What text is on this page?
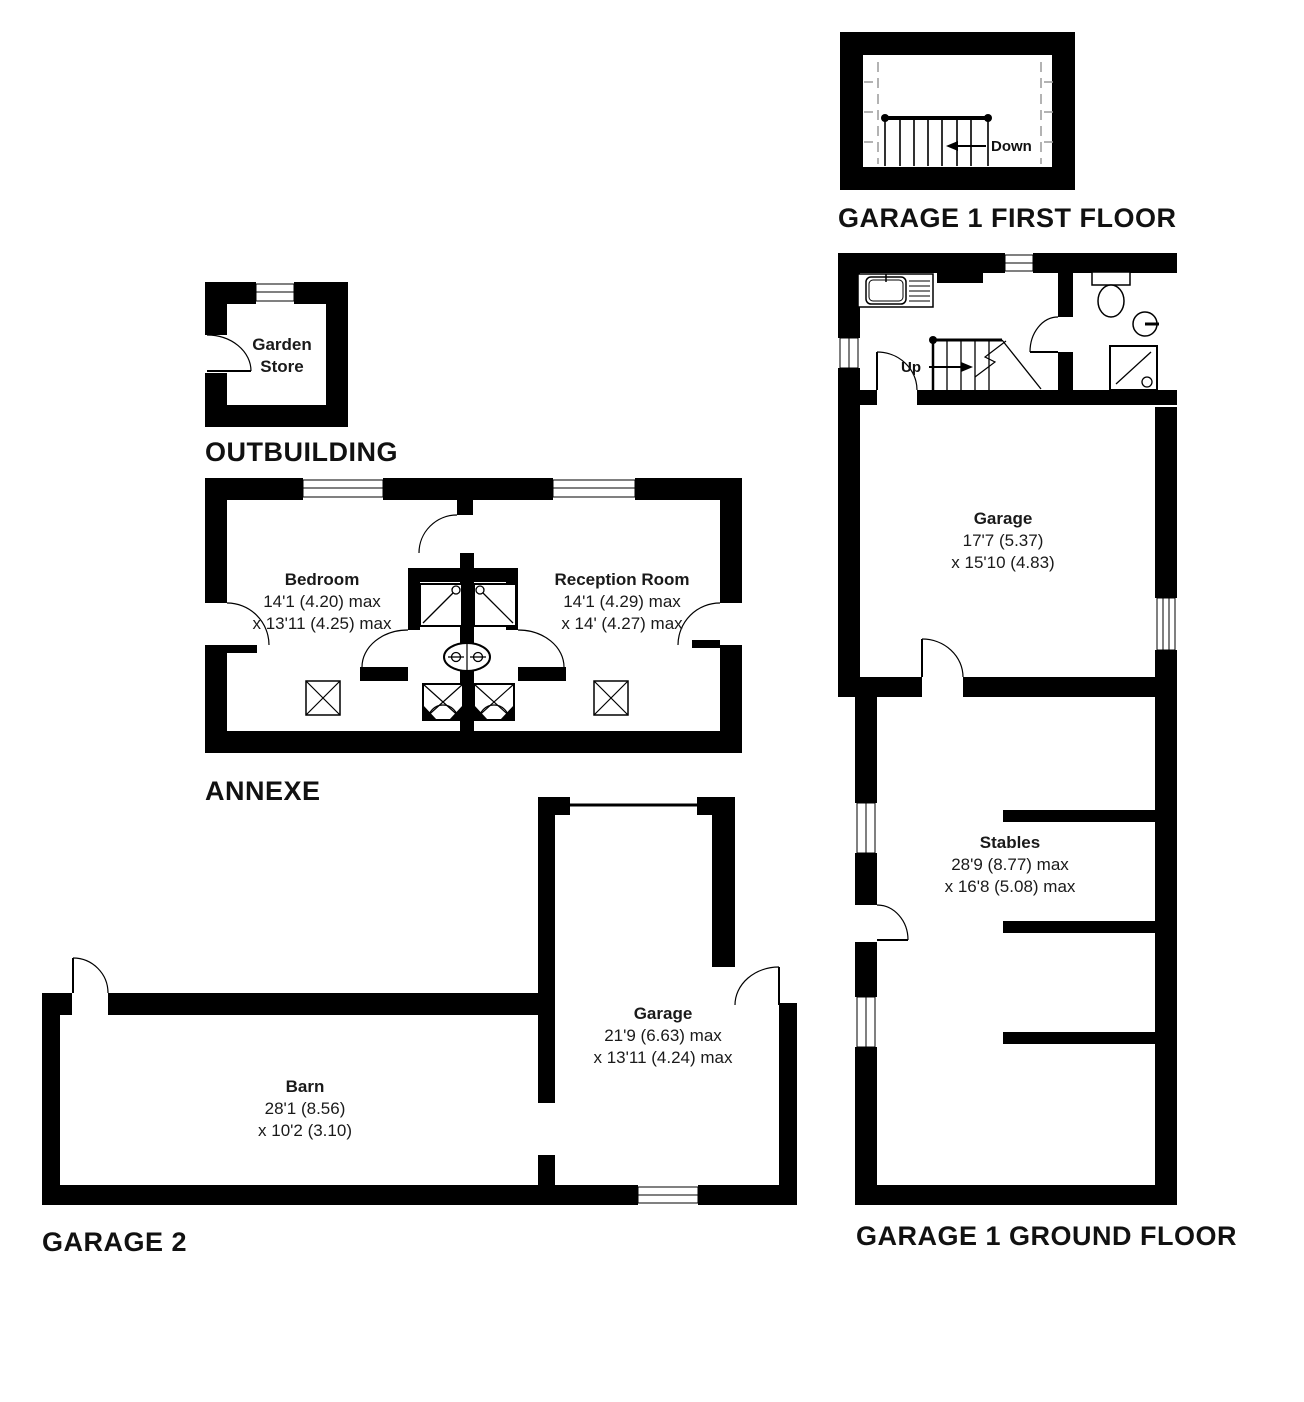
GARAGE 1 FIRST FLOOR
Down
Garden
Store
OUTBUILDING
Bedroom
14'1 (4.20) max
x 13'11 (4.25) max
Reception Room
14'1 (4.29) max
x 14' (4.27) max
ANNEXE
Garage
17'7 (5.37)
x 15'10 (4.83)
Up
Stables
28'9 (8.77) max
x 16'8 (5.08) max
GARAGE 1 GROUND FLOOR
Barn
28'1 (8.56)
x 10'2 (3.10)
Garage
21'9 (6.63) max
x 13'11 (4.24) max
GARAGE 2
